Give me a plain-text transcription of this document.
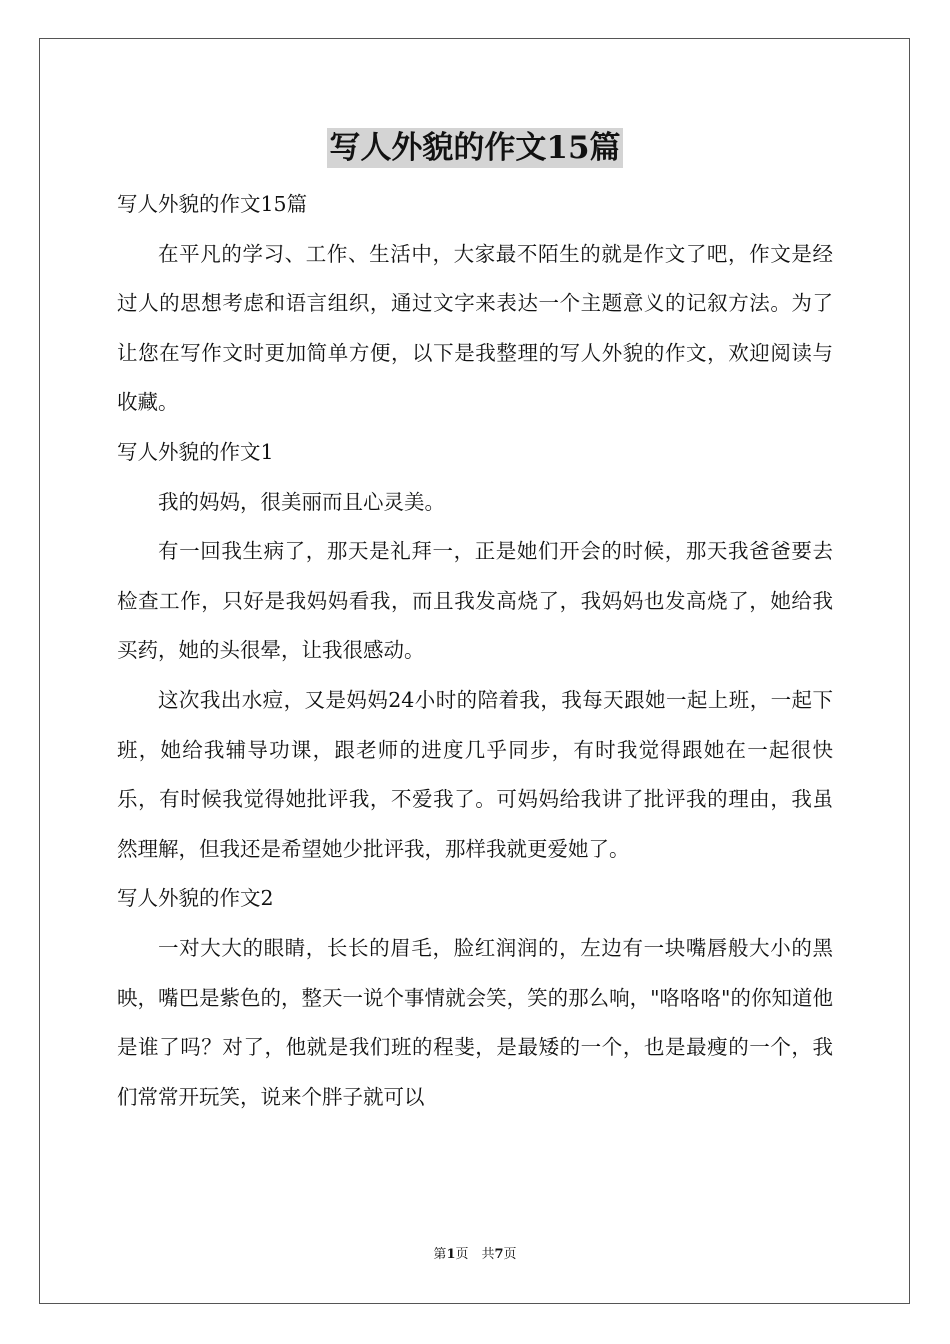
写人外貌的作文15篇
写人外貌的作文15篇

在平凡的学习、工作、生活中，大家最不陌生的就是作文了吧，作文是经过人的思想考虑和语言组织，通过文字来表达一个主题意义的记叙方法。为了让您在写作文时更加简单方便，以下是我整理的写人外貌的作文，欢迎阅读与收藏。

写人外貌的作文1

我的妈妈，很美丽而且心灵美。

有一回我生病了，那天是礼拜一，正是她们开会的时候，那天我爸爸要去检查工作，只好是我妈妈看我，而且我发高烧了，我妈妈也发高烧了，她给我买药，她的头很晕，让我很感动。

这次我出水痘，又是妈妈24小时的陪着我，我每天跟她一起上班，一起下班，她给我辅导功课，跟老师的进度几乎同步，有时我觉得跟她在一起很快乐，有时候我觉得她批评我，不爱我了。可妈妈给我讲了批评我的理由，我虽然理解，但我还是希望她少批评我，那样我就更爱她了。

写人外貌的作文2

一对大大的眼睛，长长的眉毛，脸红润润的，左边有一块嘴唇般大小的黑映，嘴巴是紫色的，整天一说个事情就会笑，笑的那么响，"咯咯咯"的你知道他是谁了吗？对了，他就是我们班的程斐，是最矮的一个，也是最瘦的一个，我们常常开玩笑，说来个胖子就可以

第1页　共7页
